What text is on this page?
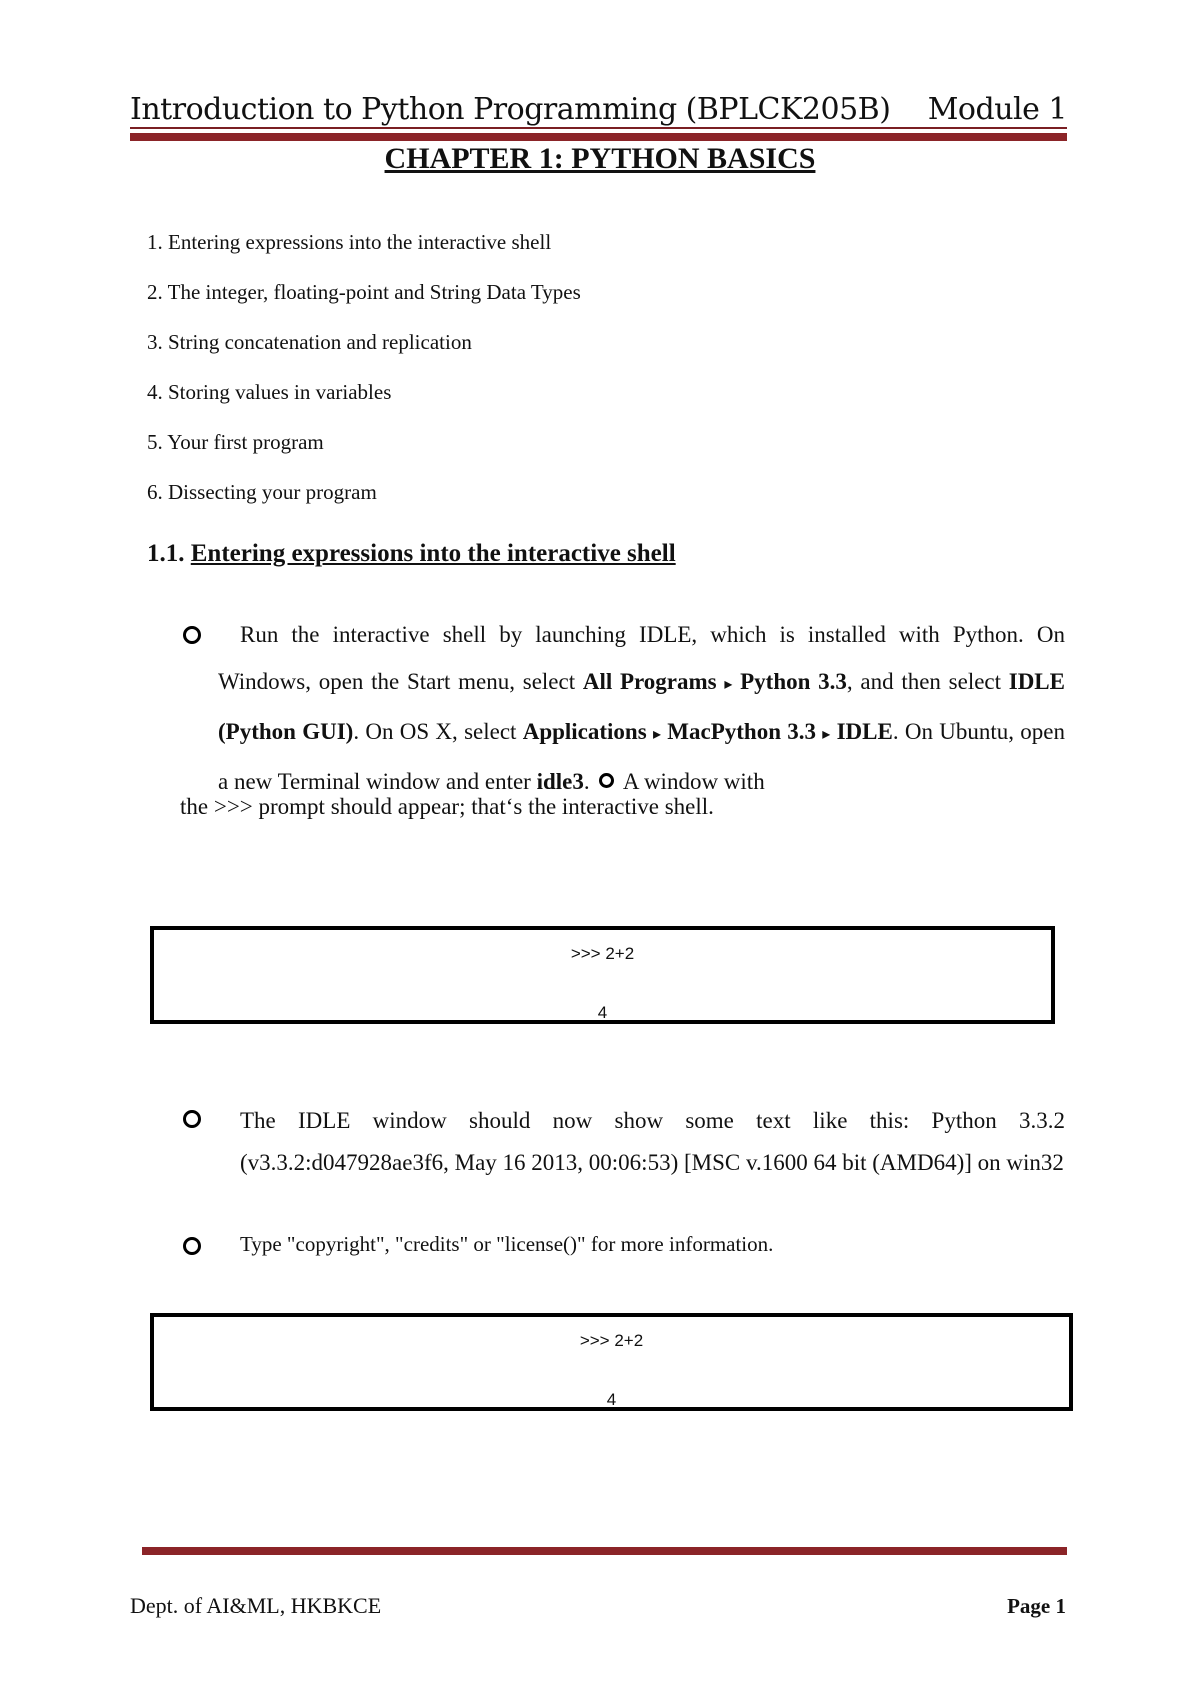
Introduction to Python Programming (BPLCK205B) Module 1
CHAPTER 1: PYTHON BASICS
1. Entering expressions into the interactive shell
2. The integer, floating-point and String Data Types
3. String concatenation and replication
4. Storing values in variables
5. Your first program
6. Dissecting your program
1.1. Entering expressions into the interactive shell
Run the interactive shell by launching IDLE, which is installed with Python. On Windows, open the Start menu, select All Programs ▸ Python 3.3, and then select IDLE (Python GUI). On OS X, select Applications ▸ MacPython 3.3 ▸ IDLE. On Ubuntu, open a new Terminal window and enter idle3. A window with
the >>> prompt should appear; that‘s the interactive shell.
>>> 2+2
4
The IDLE window should now show some text like this: Python 3.3.2 (v3.3.2:d047928ae3f6, May 16 2013, 00:06:53) [MSC v.1600 64 bit (AMD64)] on win32
Type "copyright", "credits" or "license()" for more information.
>>> 2+2
4
Dept. of AI&ML, HKBKCE	Page 1
